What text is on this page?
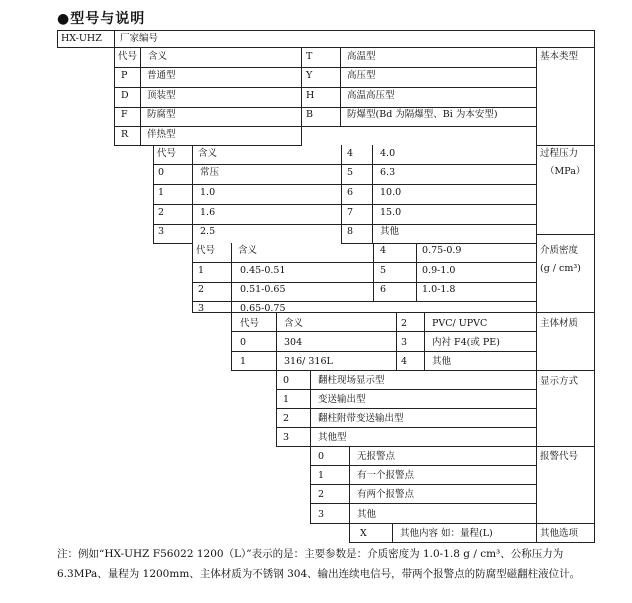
●型号与说明
HX-UHZ 厂家编号
代号 含义	基本类型
P 普通型
D 顶装型
F 防腐型
R 伴热型
T	高温型
Y	高压型
H	高温高压型
B	防爆型(Bd 为隔爆型、Bi 为本安型)
代号 含义	过程压力
（MPa）
0	常压
1	1.0
2	1.6
3	2.5
4	4.0
5	6.3
6	10.0
7	15.0
8	其他
代号 含义	介质密度
(g / cm³)
1	0.45-0.51
2	0.51-0.65
3	0.65-0.75
4	0.75-0.9
5	0.9-1.0
6	1.0-1.8
代号	含义	主体材质
0	304
1	316/ 316L
2	PVC/ UPVC
3	内衬 F4(或 PE)
4	其他
显示方式
0	翻柱现场显示型
1	变送输出型
2	翻柱附带变送输出型
3	其他型
报警代号
0	无报警点
1	有一个报警点
2	有两个报警点
3	其他
X	其他内容 如：量程(L)	其他选项
注：例如“HX-UHZ F56022 1200（L）”表示的是：主要参数是：介质密度为 1.0-1.8 g / cm³、公称压力为 6.3MPa、量程为 1200mm、主体材质为不锈钢 304、输出连续电信号，带两个报警点的防腐型磁翻柱液位计。
